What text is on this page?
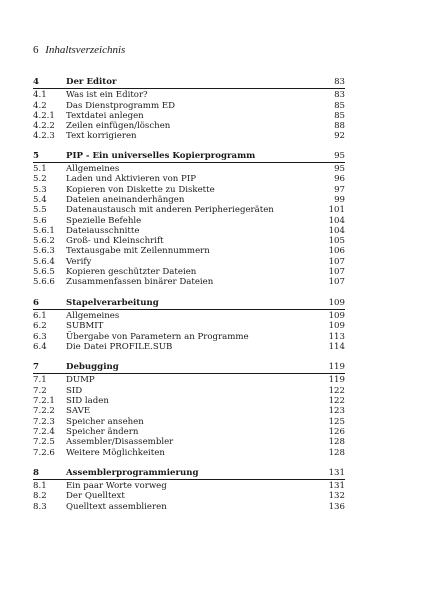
6 Inhaltsverzeichnis
4	Der Editor	83
4.1 Was ist ein Editor?	83
4.2 Das Dienstprogramm ED	85
4.2.1 Textdatei anlegen	85
4.2.2 Zeilen einfügen/löschen	88
4.2.3 Text korrigieren	92
5	PIP - Ein universelles Kopierprogramm	95
5.1 Allgemeines	95
5.2 Laden und Aktivieren von PIP	96
5.3 Kopieren von Diskette zu Diskette	97
5.4 Dateien aneinanderhängen	99
5.5 Datenaustausch mit anderen Peripheriegeräten	101
5.6 Spezielle Befehle	104
5.6.1 Dateiausschnitte	104
5.6.2 Groß- und Kleinschrift	105
5.6.3 Textausgabe mit Zeilennummern	106
5.6.4 Verify	107
5.6.5 Kopieren geschützter Dateien	107
5.6.6 Zusammenfassen binärer Dateien	107
6	Stapelverarbeitung	109
6.1 Allgemeines	109
6.2 SUBMIT	109
6.3 Übergabe von Parametern an Programme	113
6.4 Die Datei PROFILE.SUB	114
7	Debugging	119
7.1 DUMP	119
7.2 SID	122
7.2.1 SID laden	122
7.2.2 SAVE	123
7.2.3 Speicher ansehen	125
7.2.4 Speicher ändern	126
7.2.5 Assembler/Disassembler	128
7.2.6 Weitere Möglichkeiten	128
8	Assemblerprogrammierung	131
8.1 Ein paar Worte vorweg	131
8.2 Der Quelltext	132
8.3 Quelltext assemblieren	136
